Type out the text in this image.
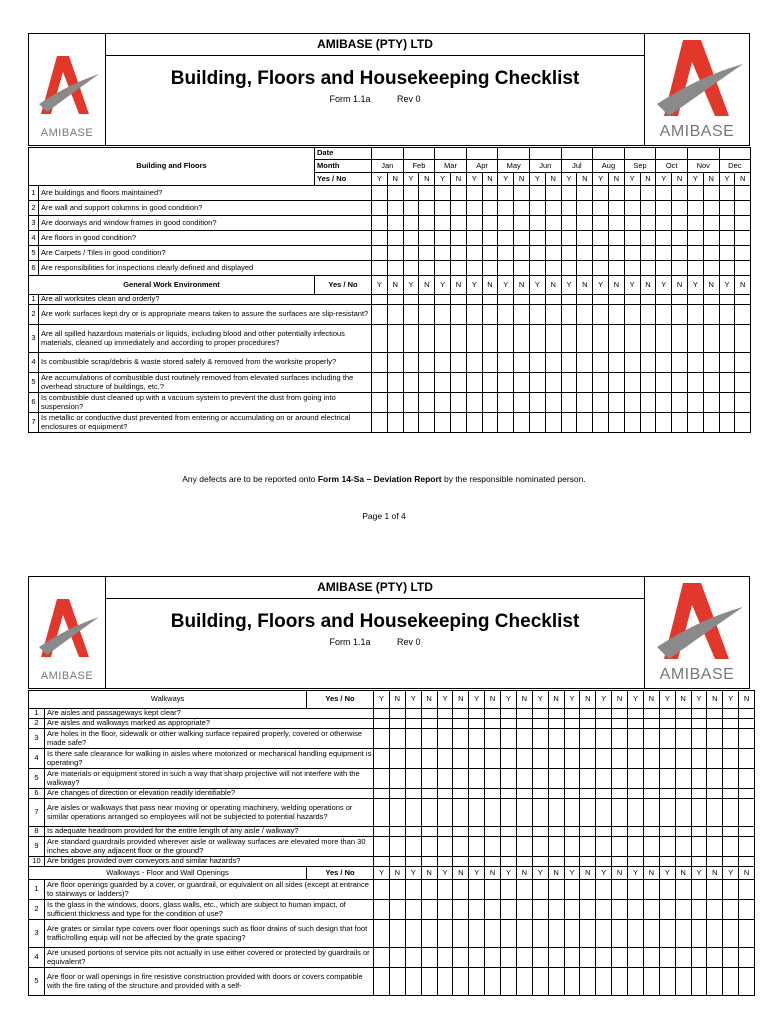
AMIBASE
AMIBASE (PTY) LTD
Building, Floors and Housekeeping Checklist
Form 1.1a	Rev 0
AMIBASE
Building and Floors		Date																								
		Month	Jan		Feb		Mar		Apr		May		Jun		Jul		Aug		Sep		Oct		Nov		Dec	
		Yes / No	Y	N	Y	N	Y	N	Y	N	Y	N	Y	N	Y	N	Y	N	Y	N	Y	N	Y	N	Y	N
1	Are buildings and floors maintained?																									
2	Are wall and support columns in good condition?																									
3	Are doorways and window frames in good condition?																									
4	Are floors in good condition?																									
5	Are Carpets / Tiles in good condition?																									
6	Are responsibilities for inspections clearly defined and displayed																									
General Work Environment		Yes / No	Y	N	Y	N	Y	N	Y	N	Y	N	Y	N	Y	N	Y	N	Y	N	Y	N	Y	N	Y	N
1	Are all worksites clean and orderly?																									
2	Are work surfaces kept dry or is appropriate means taken to assure the surfaces are slip-resistant?																									
3	Are all spilled hazardous materials or liquids, including blood and other potentially infectious materials, cleaned up immediately and according to proper procedures?																									
4	Is combustible scrap/debris & waste stored safely & removed from the worksite properly?																									
5	Are accumulations of combustible dust routinely removed from elevated surfaces including the overhead structure of buildings, etc.?																									
6	Is combustible dust cleaned up with a vacuum system to prevent the dust from going into suspension?																									
7	Is metallic or conductive dust prevented from entering or accumulating on or around electrical enclosures or equipment?																									
Any defects are to be reported onto Form 14-Sa – Deviation Report by the responsible nominated person.
Page 1 of 4
AMIBASE
AMIBASE (PTY) LTD
Building, Floors and Housekeeping Checklist
Form 1.1a	Rev 0
AMIBASE
Walkways		Yes / No	Y	N	Y	N	Y	N	Y	N	Y	N	Y	N	Y	N	Y	N	Y	N	Y	N	Y	N	Y	N
1	Are aisles and passageways kept clear?																									
2	Are aisles and walkways marked as appropriate?																									
3	Are holes in the floor, sidewalk or other walking surface repaired properly, covered or otherwise made safe?																									
4	Is there safe clearance for walking in aisles where motorized or mechanical handling equipment is operating?																									
5	Are materials or equipment stored in such a way that sharp projective will not interfere with the walkway?																									
6	Are changes of direction or elevation readily identifiable?																									
7	Are aisles or walkways that pass near moving or operating machinery, welding operations or similar operations arranged so employees will not be subjected to potential hazards?																									
8	Is adequate headroom provided for the entire length of any aisle / walkway?																									
9	Are standard guardrails provided wherever aisle or walkway surfaces are elevated more than 30 inches above any adjacent floor or the ground?																									
10	Are bridges provided over conveyors and similar hazards?																									
Walkways - Floor and Wall Openings		Yes / No	Y	N	Y	N	Y	N	Y	N	Y	N	Y	N	Y	N	Y	N	Y	N	Y	N	Y	N	Y	N
1	Are floor openings guarded by a cover, or guardrail, or equivalent on all sides (except at entrance to stairways or ladders)?																									
2	Is the glass in the windows, doors, glass walls, etc., which are subject to human impact, of sufficient thickness and type for the condition of use?																									
3	Are grates or similar type covers over floor openings such as floor drains of such design that foot traffic/rolling equip will not be affected by the grate spacing?																									
4	Are unused portions of service pits not actually in use either covered or protected by guardrails or equivalent?																									
5	Are floor or wall openings in fire resistive construction provided with doors or covers compatible with the fire rating of the structure and provided with a self-																									
